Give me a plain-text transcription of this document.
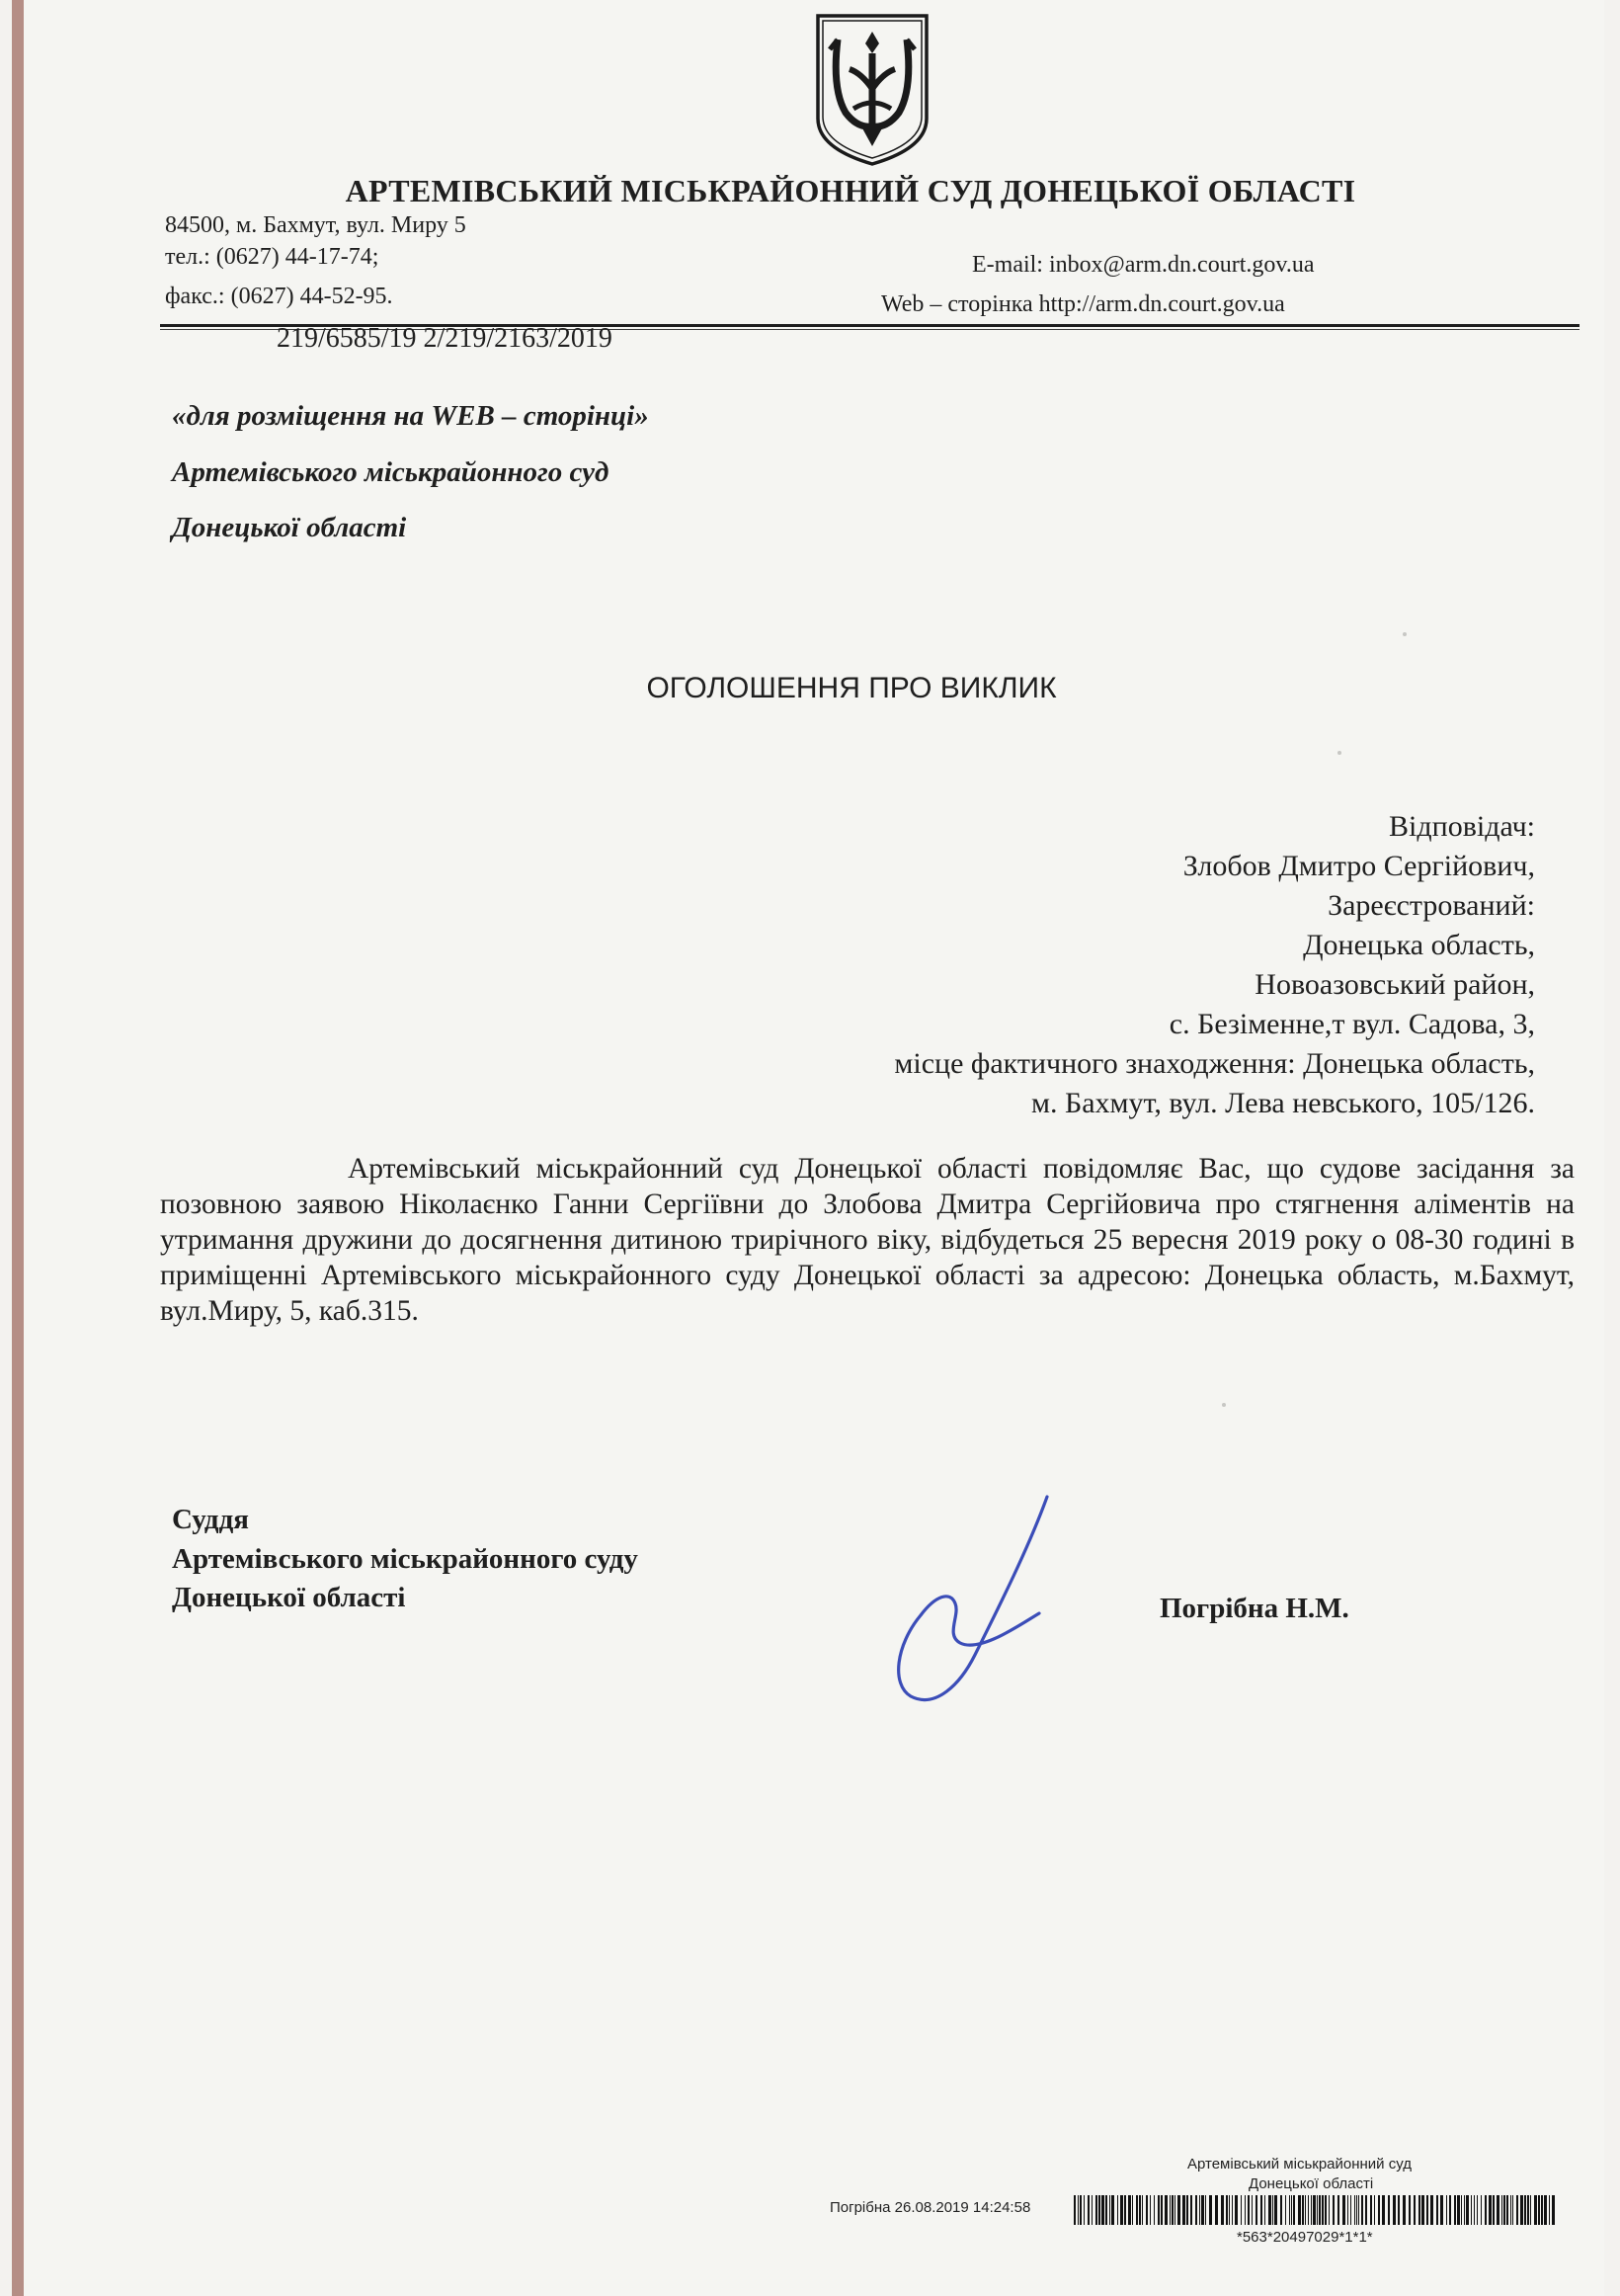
АРТЕМІВСЬКИЙ МІСЬКРАЙОННИЙ СУД ДОНЕЦЬКОЇ ОБЛАСТІ
84500, м. Бахмут, вул. Миру 5
тел.: (0627) 44-17-74;
факс.: (0627) 44-52-95.
E-mail: inbox@arm.dn.court.gov.ua
Web – сторінка http://arm.dn.court.gov.ua
219/6585/19 2/219/2163/2019
«для розміщення на WEB – сторінці»
Артемівського міськрайонного суд
Донецької області
ОГОЛОШЕННЯ ПРО ВИКЛИК
Відповідач:
Злобов Дмитро Сергійович,
Зареєстрований:
Донецька область,
Новоазовський район,
с. Безіменне,т вул. Садова, 3,
місце фактичного знаходження: Донецька область,
м. Бахмут, вул. Лева невського, 105/126.

Артемівський міськрайонний суд Донецької області повідомляє Вас, що судове засідання за позовною заявою Ніколаєнко Ганни Сергіївни до Злобова Дмитра Сергійовича про стягнення аліментів на утримання дружини до досягнення дитиною трирічного віку, відбудеться 25 вересня 2019 року о 08-30 годині в приміщенні Артемівського міськрайонного суду Донецької області за адресою: Донецька область, м.Бахмут, вул.Миру, 5, каб.315.

Суддя
Артемівського міськрайонного суду
Донецької області	Погрібна Н.М.
Артемівський міськрайонний суд
Донецької області
Погрібна 26.08.2019 14:24:58
*563*20497029*1*1*
